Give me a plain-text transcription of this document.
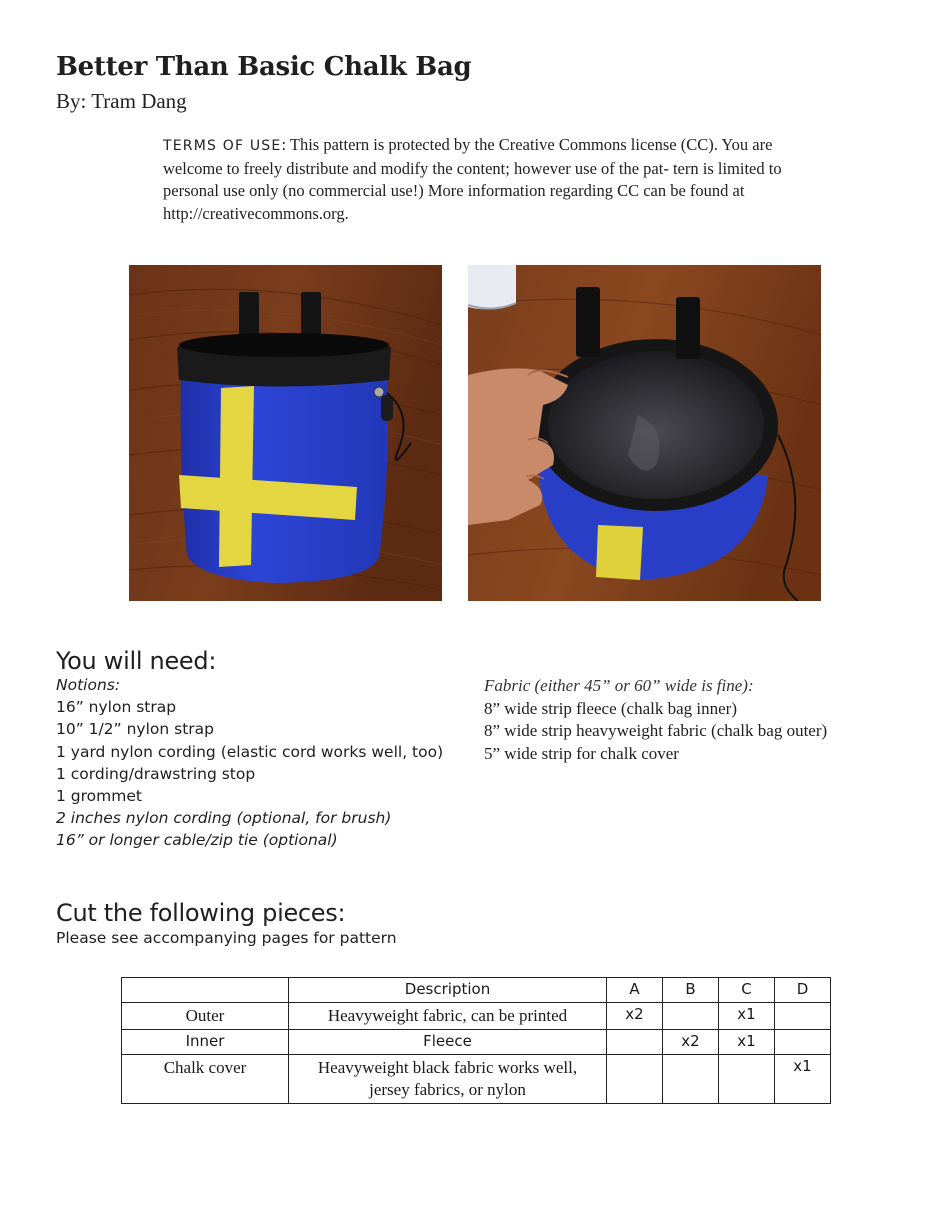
Better Than Basic Chalk Bag
By: Tram Dang
TERMS OF USE: This pattern is protected by the Creative Commons license (CC). You are welcome to freely distribute and modify the content; however use of the pat- tern is limited to personal use only (no commercial use!) More information regarding CC can be found at http://creativecommons.org.
You will need:
Notions:
16” nylon strap
10” 1/2” nylon strap
1 yard nylon cording (elastic cord works well, too)
1 cording/drawstring stop
1 grommet
2 inches nylon cording (optional, for brush)
16” or longer cable/zip tie (optional)
Fabric (either 45” or 60” wide is fine):
8” wide strip fleece (chalk bag inner)
8” wide strip heavyweight fabric (chalk bag outer)
5” wide strip for chalk cover
Cut the following pieces:
Please see accompanying pages for pattern
	Description	A	B	C	D
Outer	Heavyweight fabric, can be printed	x2		x1	
Inner	Fleece		x2	x1	
Chalk cover	Heavyweight black fabric works well, jersey fabrics, or nylon				x1
